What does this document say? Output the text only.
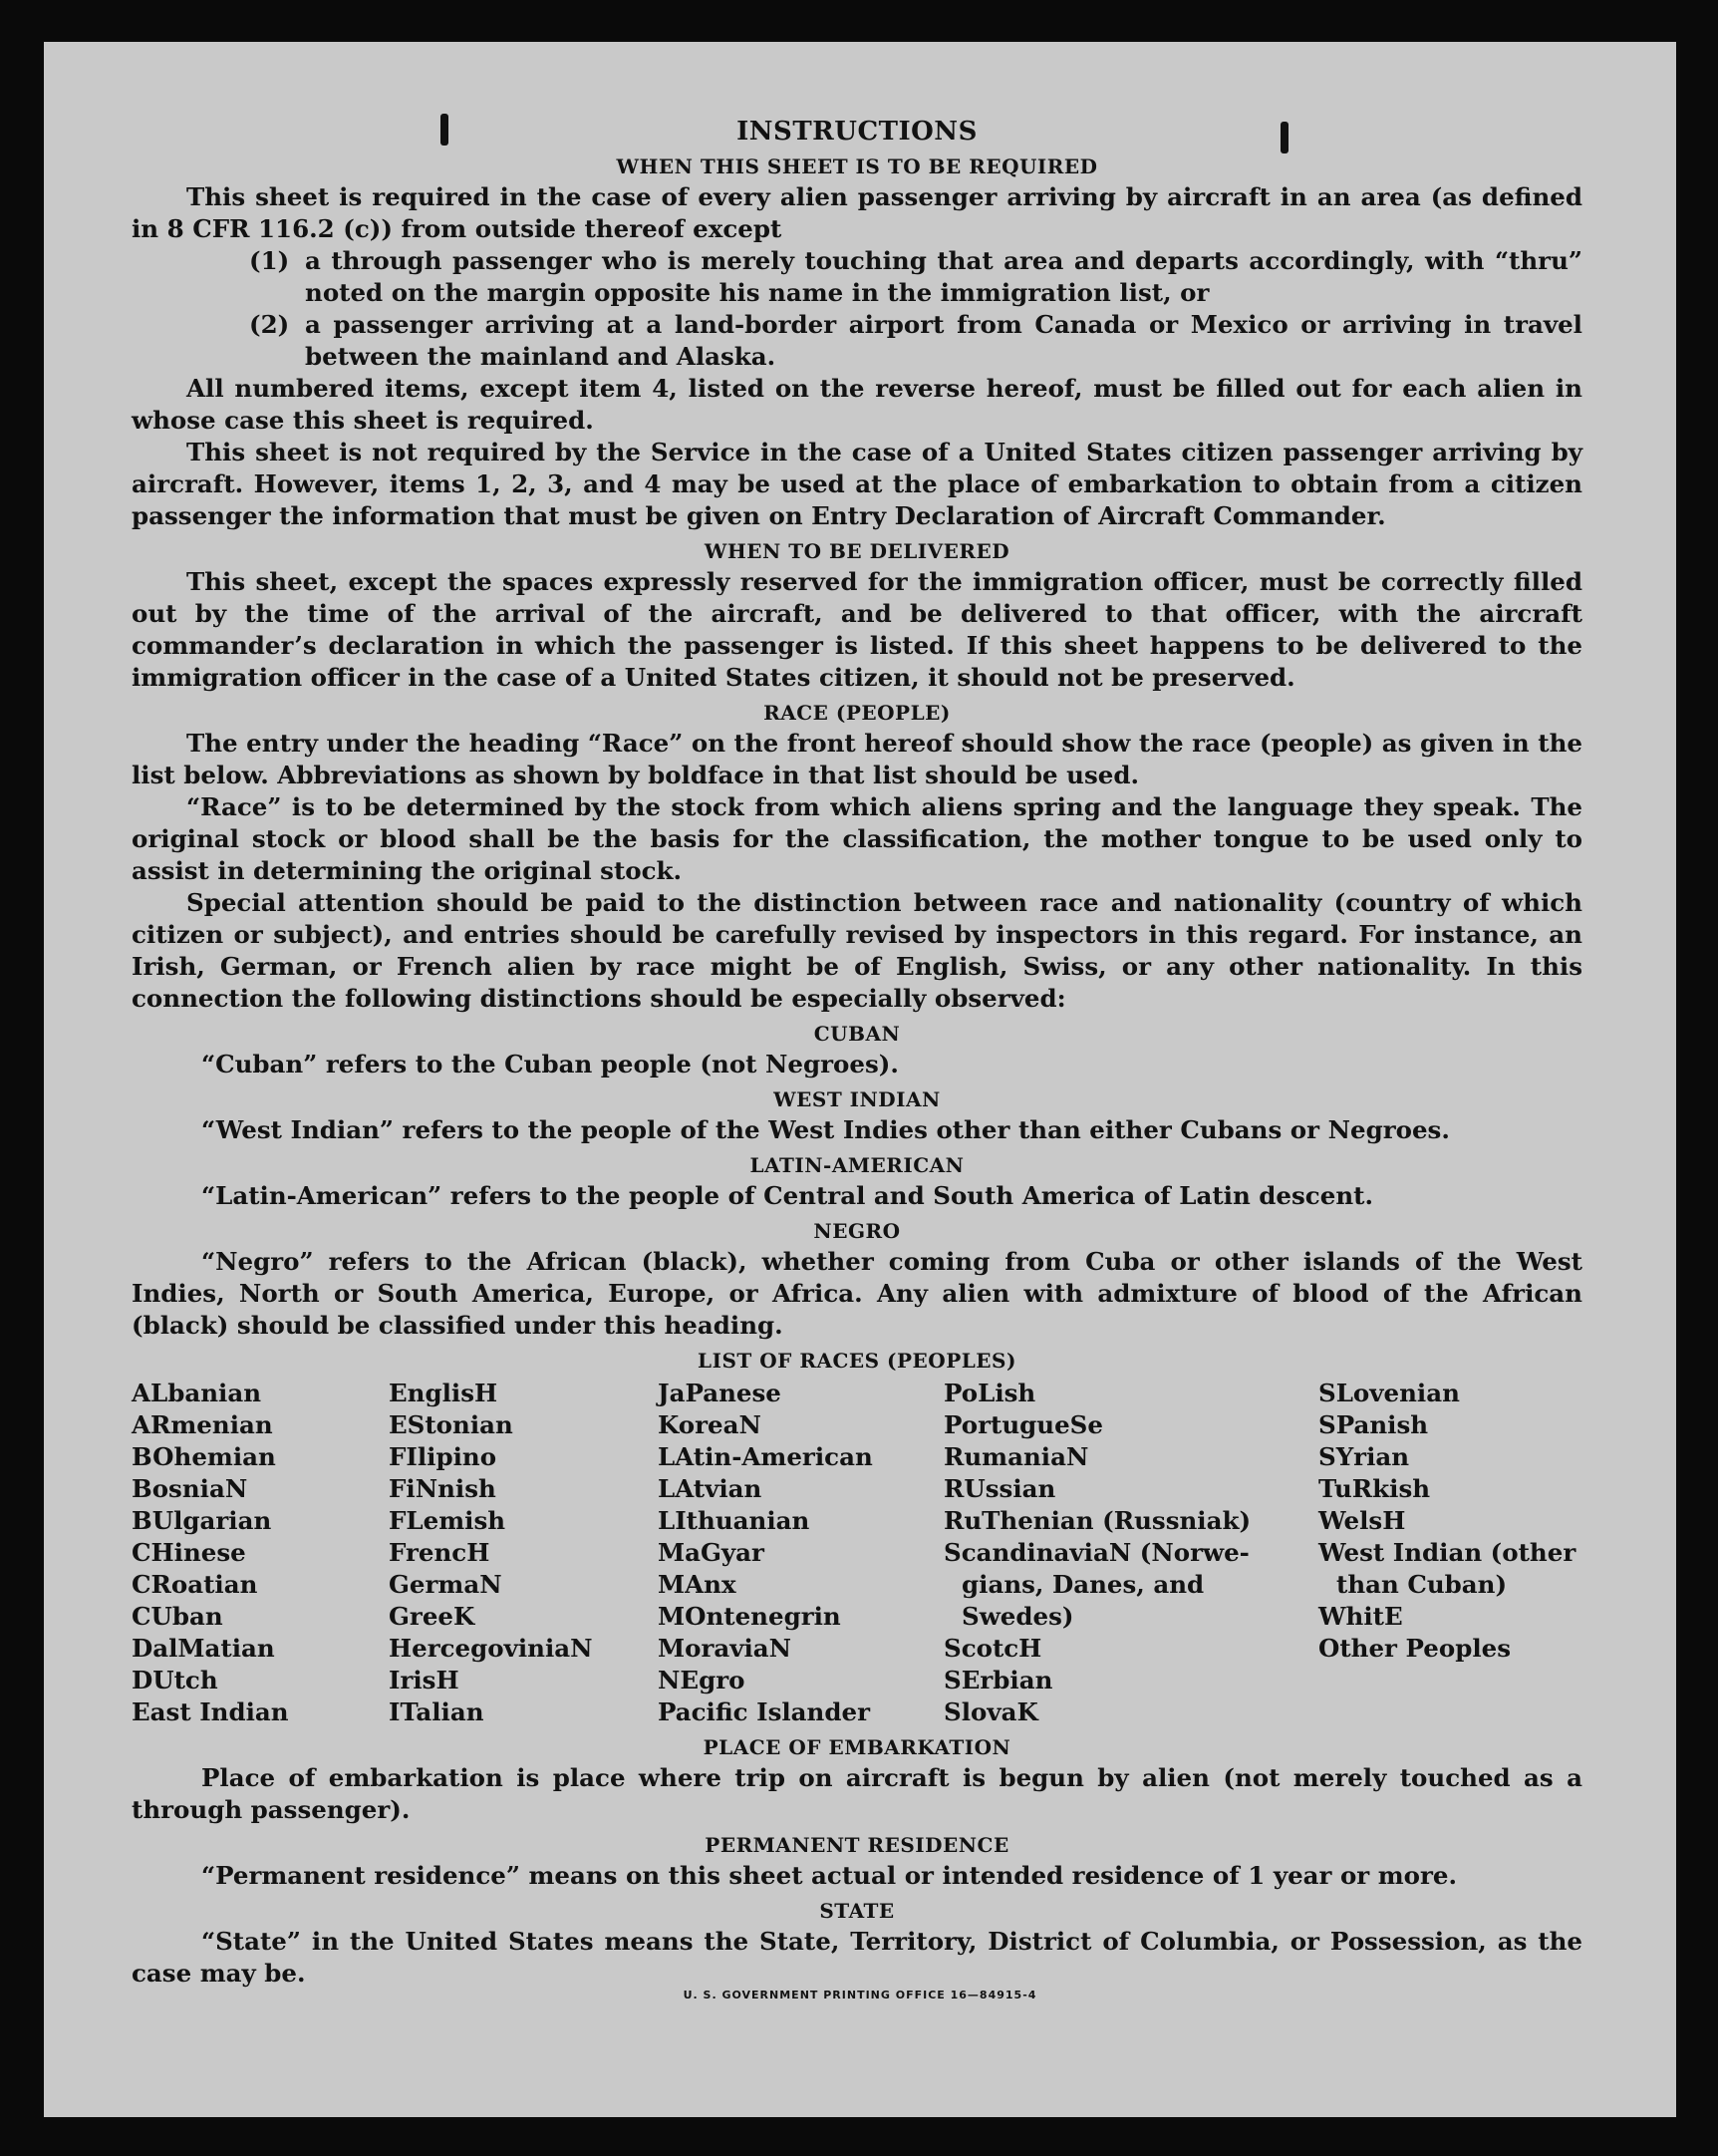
INSTRUCTIONS
WHEN THIS SHEET IS TO BE REQUIRED

This sheet is required in the case of every alien passenger arriving by aircraft in an area (as defined in 8 CFR 116.2 (c)) from outside thereof except

(1) a through passenger who is merely touching that area and departs accordingly, with “thru” noted on the margin opposite his name in the immigration list, or
(2) a passenger arriving at a land-border airport from Canada or Mexico or arriving in travel between the mainland and Alaska.

All numbered items, except item 4, listed on the reverse hereof, must be filled out for each alien in whose case this sheet is required.

This sheet is not required by the Service in the case of a United States citizen passenger arriving by aircraft. However, items 1, 2, 3, and 4 may be used at the place of embarkation to obtain from a citizen passenger the information that must be given on Entry Declaration of Aircraft Commander.

WHEN TO BE DELIVERED

This sheet, except the spaces expressly reserved for the immigration officer, must be correctly filled out by the time of the arrival of the aircraft, and be delivered to that officer, with the aircraft commander’s declaration in which the passenger is listed. If this sheet happens to be delivered to the immigration officer in the case of a United States citizen, it should not be preserved.

RACE (PEOPLE)

The entry under the heading “Race” on the front hereof should show the race (people) as given in the list below. Abbreviations as shown by boldface in that list should be used.

“Race” is to be determined by the stock from which aliens spring and the language they speak. The original stock or blood shall be the basis for the classification, the mother tongue to be used only to assist in determining the original stock.

Special attention should be paid to the distinction between race and nationality (country of which citizen or subject), and entries should be carefully revised by inspectors in this regard. For instance, an Irish, German, or French alien by race might be of English, Swiss, or any other nationality. In this connection the following distinctions should be especially observed:

CUBAN

“Cuban” refers to the Cuban people (not Negroes).

WEST INDIAN

“West Indian” refers to the people of the West Indies other than either Cubans or Negroes.

LATIN-AMERICAN

“Latin-American” refers to the people of Central and South America of Latin descent.

NEGRO

“Negro” refers to the African (black), whether coming from Cuba or other islands of the West Indies, North or South America, Europe, or Africa. Any alien with admixture of blood of the African (black) should be classified under this heading.

LIST OF RACES (PEOPLES)
ALbanian
ARmenian
BOhemian
BosniaN
BUlgarian
CHinese
CRoatian
CUban
DalMatian
DUtch
East Indian
EnglisH
EStonian
FIlipino
FiNnish
FLemish
FrencH
GermaN
GreeK
HercegoviniaN
IrisH
ITalian
JaPanese
KoreaN
LAtin-American
LAtvian
LIthuanian
MaGyar
MAnx
MOntenegrin
MoraviaN
NEgro
Pacific Islander
PoLish
PortugueSe
RumaniaN
RUssian
RuThenian (Russniak)
ScandinaviaN (Norwe-
gians, Danes, and
Swedes)
ScotcH
SErbian
SlovaK
SLovenian
SPanish
SYrian
TuRkish
WelsH
West Indian (other
than Cuban)
WhitE
Other Peoples
PLACE OF EMBARKATION

Place of embarkation is place where trip on aircraft is begun by alien (not merely touched as a through passenger).

PERMANENT RESIDENCE

“Permanent residence” means on this sheet actual or intended residence of 1 year or more.

STATE

“State” in the United States means the State, Territory, District of Columbia, or Possession, as the case may be.

U. S. GOVERNMENT PRINTING OFFICE 16—84915-4
